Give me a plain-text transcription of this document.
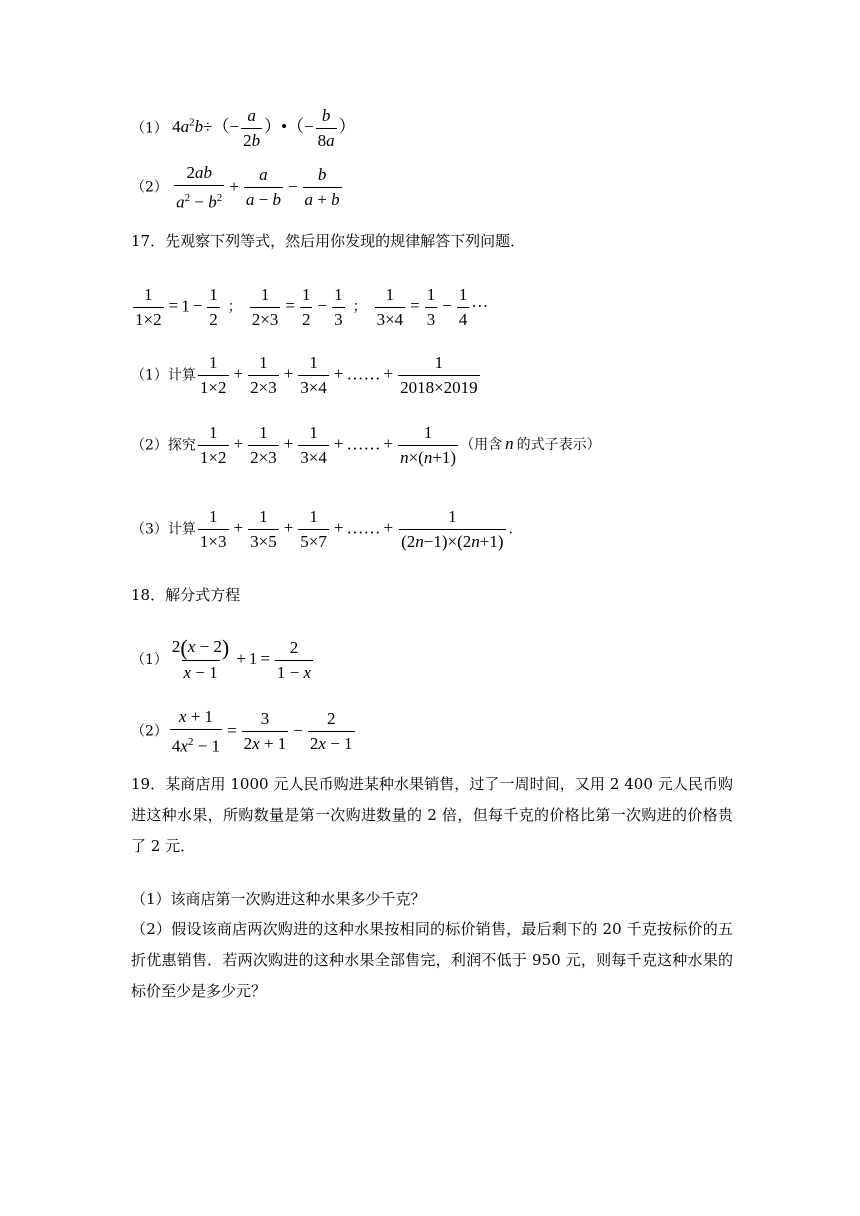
（1） $4a^2b\div(- \frac{a}{2b}$ ）•（− $\frac{b}{8a}$ ）
$(2) \frac{2ab}{a^2 - b^2} + \frac{a}{a - b} - \frac{b}{a + b}$
17．先观察下列等式，然后用你发现的规律解答下列问题．
$\frac{1}{1\times 2} = 1 - \frac{1}{2}$ ； $\frac{1}{2\times 3} = \frac{1}{2} - \frac{1}{3}$ ； $\frac{1}{3\times 4} = \frac{1}{3} - \frac{1}{4}$ ···
（1）计算 $\frac{1}{1\times 2} + \frac{1}{2\times 3} + \frac{1}{3\times 4}$ + …… + $\frac{1}{2018\times 2019}$
（2）探究 $\frac{1}{1\times 2} + \frac{1}{2\times 3} + \frac{1}{3\times 4}$ + …… + $\frac{1}{n\times(n+1)}$ （用含 n 的式子表示）
（3）计算 $\frac{1}{1\times 3} + \frac{1}{3\times 5} + \frac{1}{5\times 7}$ + …… + $\frac{1}{(2n-1)\times(2n+1)}$ ．
18．解分式方程
$(1) \frac{2(x - 2)}{x - 1} + 1 = \frac{2}{1 - x}$
$(2) \frac{x + 1}{4x^2 - 1} = \frac{3}{2x + 1} - \frac{2}{2x - 1}$
19．某商店用 1000 元人民币购进某种水果销售，过了一周时间，又用 2 400 元人民币购进这种水果，所购数量是第一次购进数量的 2 倍，但每千克的价格比第一次购进的价格贵了 2 元．
（1）该商店第一次购进这种水果多少千克？
（2）假设该商店两次购进的这种水果按相同的标价销售，最后剩下的 20 千克按标价的五折优惠销售．若两次购进的这种水果全部售完，利润不低于 950 元，则每千克这种水果的标价至少是多少元？
